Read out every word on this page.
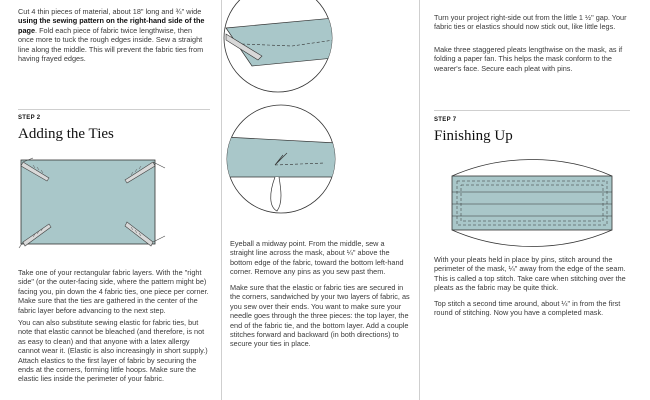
Cut 4 thin pieces of material, about 18" long and ¾" wide using the sewing pattern on the right-hand side of the page. Fold each piece of fabric twice lengthwise, then once more to tuck the rough edges inside. Sew a straight line along the middle. This will prevent the fabric ties from having frayed edges.
STEP 2
Adding the Ties
Take one of your rectangular fabric layers. With the "right side" (or the outer-facing side, where the pattern might be) facing you, pin down the 4 fabric ties, one piece per corner. Make sure that the ties are gathered in the center of the fabric layer before advancing to the next step.
You can also substitute sewing elastic for fabric ties, but note that elastic cannot be bleached (and therefore, is not as easy to clean) and that anyone with a latex allergy cannot wear it. (Elastic is also increasingly in short supply.) Attach elastics to the first layer of fabric by securing the ends at the corners, forming little hoops. Make sure the elastic lies inside the perimeter of your fabric.
Eyeball a midway point. From the middle, sew a straight line across the mask, about ¼" above the bottom edge of the fabric, toward the bottom left-hand corner. Remove any pins as you sew past them.
Make sure that the elastic or fabric ties are secured in the corners, sandwiched by your two layers of fabric, as you sew over their ends. You want to make sure your needle goes through the three pieces: the top layer, the end of the fabric tie, and the bottom layer. Add a couple stitches forward and backward (in both directions) to secure your ties in place.
Turn your project right-side out from the little 1 ½" gap. Your fabric ties or elastics should now stick out, like little legs.
Make three staggered pleats lengthwise on the mask, as if folding a paper fan. This helps the mask conform to the wearer's face. Secure each pleat with pins.
STEP 7
Finishing Up
With your pleats held in place by pins, stitch around the perimeter of the mask, ¼" away from the edge of the seam. This is called a top stitch. Take care when stitching over the pleats as the fabric may be quite thick.
Top stitch a second time around, about ¼" in from the first round of stitching. Now you have a completed mask.
